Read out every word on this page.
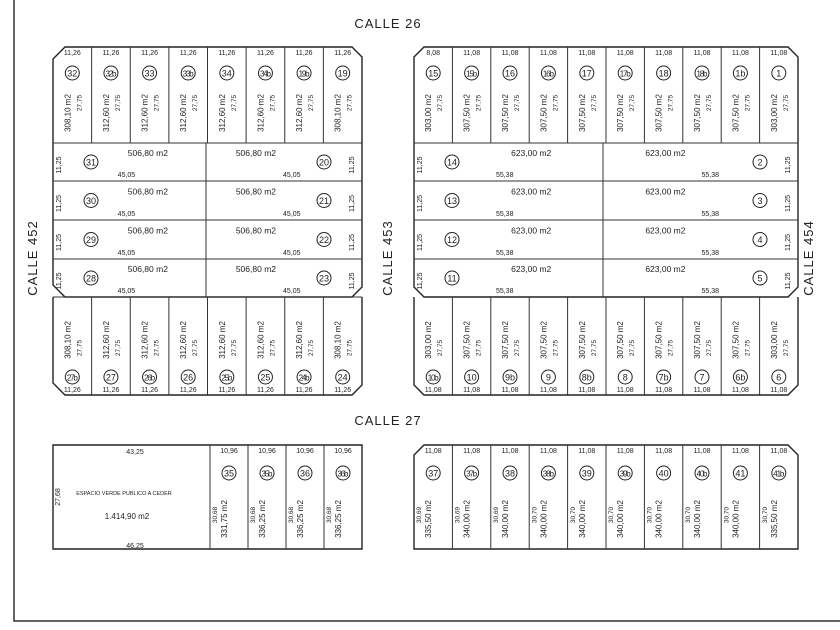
CALLE 26
CALLE 27
CALLE 452	CALLE 453	CALLE 454
11,26
32
308,10 m2 27,75
11,26
32b
312,60 m2 27,75
11,26
33
312,60 m2 27,75
11,26
33b
312,60 m2 27,75
11,26
34
312,60 m2 27,75
11,26
34b
312,60 m2 27,75
11,26
19b
312,60 m2 27,75
11,26
19
308,10 m2 27,75
11,25	11,25
31	20
506,80 m2	506,80 m2
45,05	45,05
11,25	11,25
30	21
506,80 m2	506,80 m2
45,05	45,05
11,25	11,25
29	22
506,80 m2	506,80 m2
45,05	45,05
11,25	11,25
28	23
506,80 m2	506,80 m2
45,05	45,05
11,26
27b
308,10 m2 27,75
11,26
27
312,60 m2 27,75
11,26
26b
312,60 m2 27,75
11,26
26
312,60 m2 27,75
11,26
25b
312,60 m2 27,75
11,26
25
312,60 m2 27,75
11,26
24b
312,60 m2 27,75
11,26
24
308,10 m2 27,75
8,08
15
303,00 m2 27,75
11,08
15b
307,50 m2 27,75
11,08
16
307,50 m2 27,75
11,08
16b
307,50 m2 27,75
11,08
17
307,50 m2 27,75
11,08
17b
307,50 m2 27,75
11,08
18
307,50 m2 27,75
11,08
18b
307,50 m2 27,75
11,08
1b
307,50 m2 27,75
11,08
1
303,00 m2 27,75
11,25	11,25
14	2
623,00 m2	623,00 m2
55,38	55,38
11,25	11,25
13	3
623,00 m2	623,00 m2
55,38	55,38
11,25	11,25
12	4
623,00 m2	623,00 m2
55,38	55,38
11,25	11,25
11	5
623,00 m2	623,00 m2
55,38	55,38
11,08
10b
303,00 m2 27,75
11,08
10
307,50 m2 27,75
11,08
9b
307,50 m2 27,75
11,08
9
307,50 m2 27,75
11,08
8b
307,50 m2 27,75
11,08
8
307,50 m2 27,75
11,08
7b
307,50 m2 27,75
11,08
7
307,50 m2 27,75
11,08
6b
307,50 m2 27,75
11,08
6
303,00 m2 27,75
43,25
46,25
27,68	ESPACIO VERDE PUBLICO A CEDER
1.414,90 m2
10,96
35
331,75 m2
30,68
10,96
35b
336,25 m2
30,68
10,96
36
336,25 m2
30,68
10,96
36b
336,25 m2
30,68
11,08
37
335,50 m2
30,69
11,08
37b
340,00 m2
30,69
11,08
38
340,00 m2
30,69
11,08
38b
340,00 m2
30,70
11,08
39
340,00 m2
30,70
11,08
39b
340,00 m2
30,70
11,08
40
340,00 m2
30,70
11,08
40b
340,00 m2
30,70
11,08
41
340,00 m2
30,70
11,08
41b
335,50 m2
30,70
